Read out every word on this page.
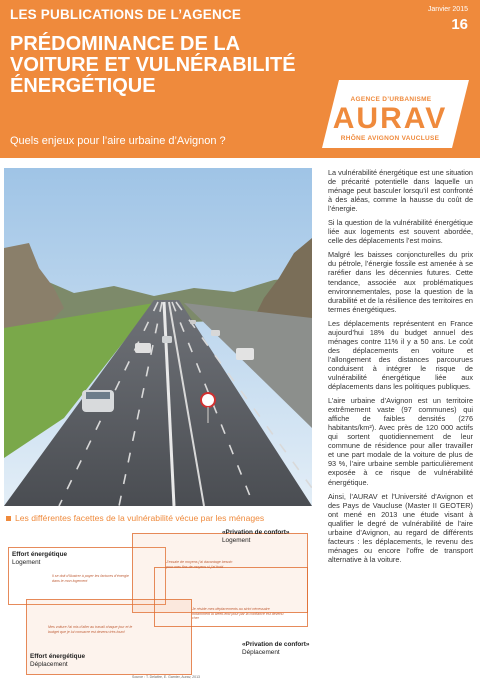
LES PUBLICATIONS DE L’AGENCE	Janvier 2015
16
PRÉDOMINANCE DE LA
VOITURE ET VULNÉRABILITÉ
ÉNERGÉTIQUE
Quels enjeux pour l’aire urbaine d’Avignon ?
AGENCE D’URBANISME
AURAV
RHÔNE AVIGNON VAUCLUSE

La vulnérabilité énergétique est une situation de précarité potentielle dans laquelle un ménage peut basculer lorsqu’il est confronté à des aléas, comme la hausse du coût de l’énergie.

Si la question de la vulnérabilité énergétique liée aux logements est souvent abordée, celle des déplacements l’est moins.

Malgré les baisses conjoncturelles du prix du pétrole, l’énergie fossile est amenée à se raréfier dans les décennies futures. Cette tendance, associée aux problématiques environnementales, pose la question de la durabilité et de la résilience des territoires en termes énergétiques.

Les déplacements représentent en France aujourd’hui 18% du budget annuel des ménages contre 11% il y a 50 ans. Le coût des déplacements en voiture et l’allongement des distances parcourues conduisent à intégrer le risque de vulnérabilité énergétique liée aux déplacements dans les politiques publiques.

L’aire urbaine d’Avignon est un territoire extrêmement vaste (97 communes) qui affiche de faibles densités (276 habitants/km²). Avec près de 120 000 actifs qui sortent quotidiennement de leur commune de résidence pour aller travailler et une part modale de la voiture de plus de 93 %, l’aire urbaine semble particulièrement exposée à ce risque de vulnérabilité énergétique.

Ainsi, l’AURAV et l’Université d’Avignon et des Pays de Vaucluse (Master II GEOTER) ont mené en 2013 une étude visant à qualifier le degré de vulnérabilité de l’aire urbaine d’Avignon, au regard de différents facteurs : les déplacements, le revenu des ménages ou encore l’offre de transport alternative à la voiture.

Les différentes facettes de la vulnérabilité vécue par les ménages
Effort énergétique
Logement
«Privation de confort»
Logement
Effort énergétique
Déplacement
«Privation de confort»
Déplacement
Il se doit d’illustrer à payer les factures d’énergie dans le mon logement
J’essaie de moyens j’ai davantage besoin pour mes fins de moyens si j’ai froid
Je réside mes déplacements au strict nécessaire notamment la week-end pour par la confiance est devenu cher
Mes voiture l’ai mis d’aller au travail chaque jour et le budget que je lui consacre est devenu très lourd
Source : T. Delattre, E. Garnier, Aurav, 2013
